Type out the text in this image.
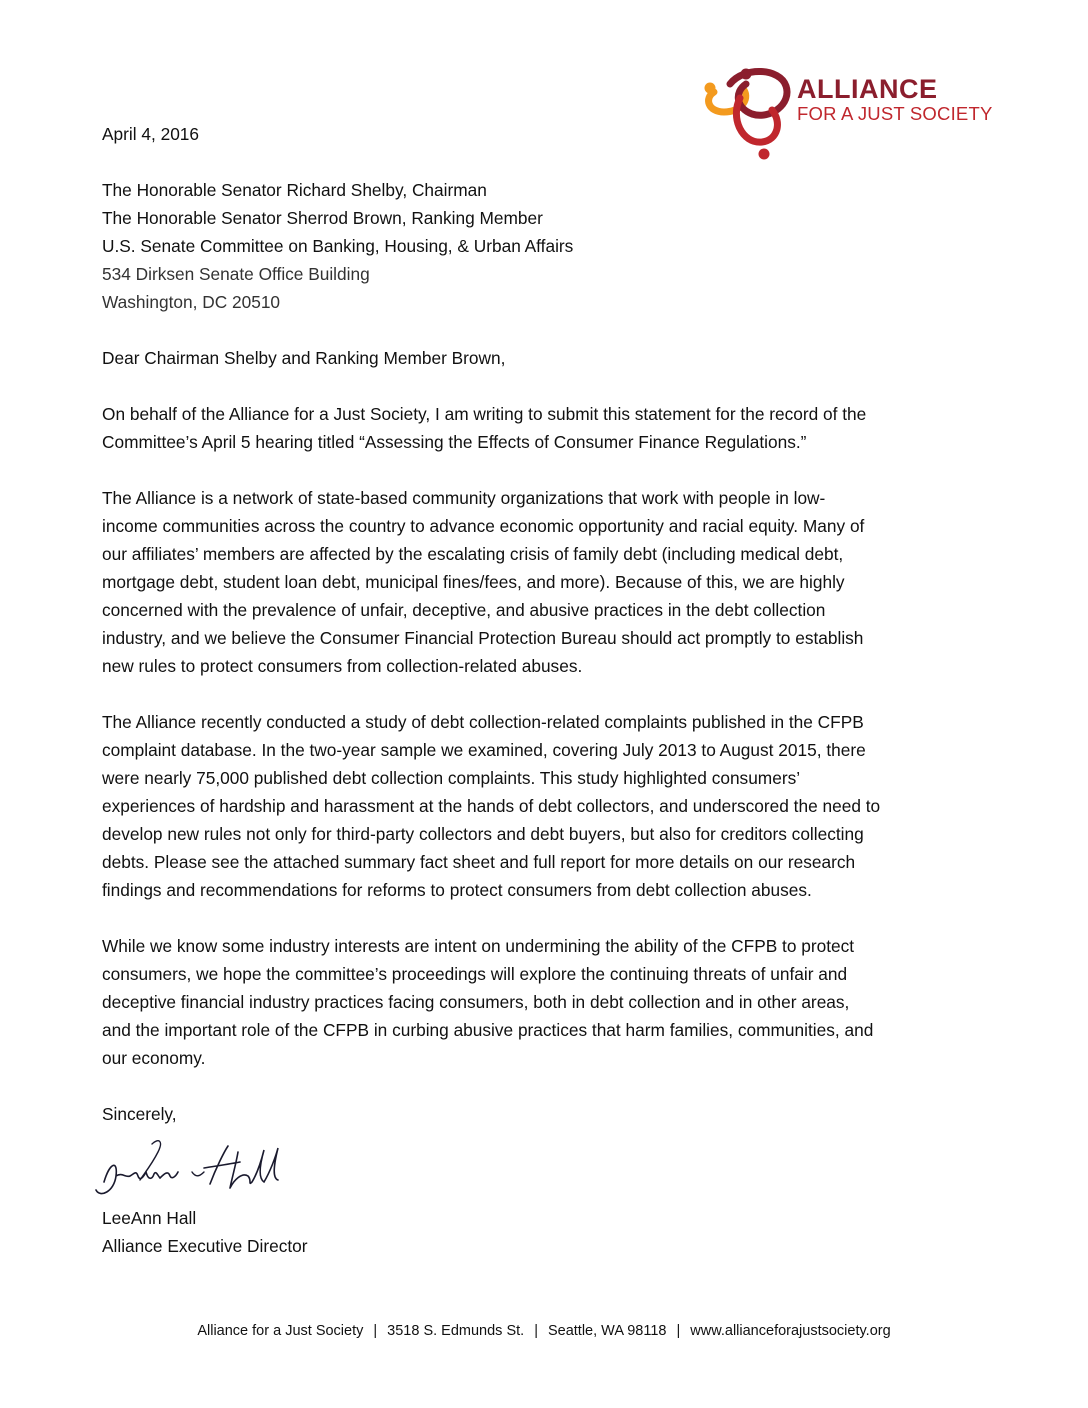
ALLIANCE
FOR A JUST SOCIETY
April 4, 2016
The Honorable Senator Richard Shelby, Chairman
The Honorable Senator Sherrod Brown, Ranking Member
U.S. Senate Committee on Banking, Housing, & Urban Affairs
534 Dirksen Senate Office Building
Washington, DC 20510
Dear Chairman Shelby and Ranking Member Brown,
On behalf of the Alliance for a Just Society, I am writing to submit this statement for the record of the
Committee’s April 5 hearing titled “Assessing the Effects of Consumer Finance Regulations.”
The Alliance is a network of state-based community organizations that work with people in low-
income communities across the country to advance economic opportunity and racial equity. Many of
our affiliates’ members are affected by the escalating crisis of family debt (including medical debt,
mortgage debt, student loan debt, municipal fines/fees, and more). Because of this, we are highly
concerned with the prevalence of unfair, deceptive, and abusive practices in the debt collection
industry, and we believe the Consumer Financial Protection Bureau should act promptly to establish
new rules to protect consumers from collection-related abuses.
The Alliance recently conducted a study of debt collection-related complaints published in the CFPB
complaint database. In the two-year sample we examined, covering July 2013 to August 2015, there
were nearly 75,000 published debt collection complaints. This study highlighted consumers’
experiences of hardship and harassment at the hands of debt collectors, and underscored the need to
develop new rules not only for third-party collectors and debt buyers, but also for creditors collecting
debts. Please see the attached summary fact sheet and full report for more details on our research
findings and recommendations for reforms to protect consumers from debt collection abuses.
While we know some industry interests are intent on undermining the ability of the CFPB to protect
consumers, we hope the committee’s proceedings will explore the continuing threats of unfair and
deceptive financial industry practices facing consumers, both in debt collection and in other areas,
and the important role of the CFPB in curbing abusive practices that harm families, communities, and
our economy.
Sincerely,
LeeAnn Hall
Alliance Executive Director
Alliance for a Just Society | 3518 S. Edmunds St. | Seattle, WA 98118 | www.allianceforajustsociety.org
